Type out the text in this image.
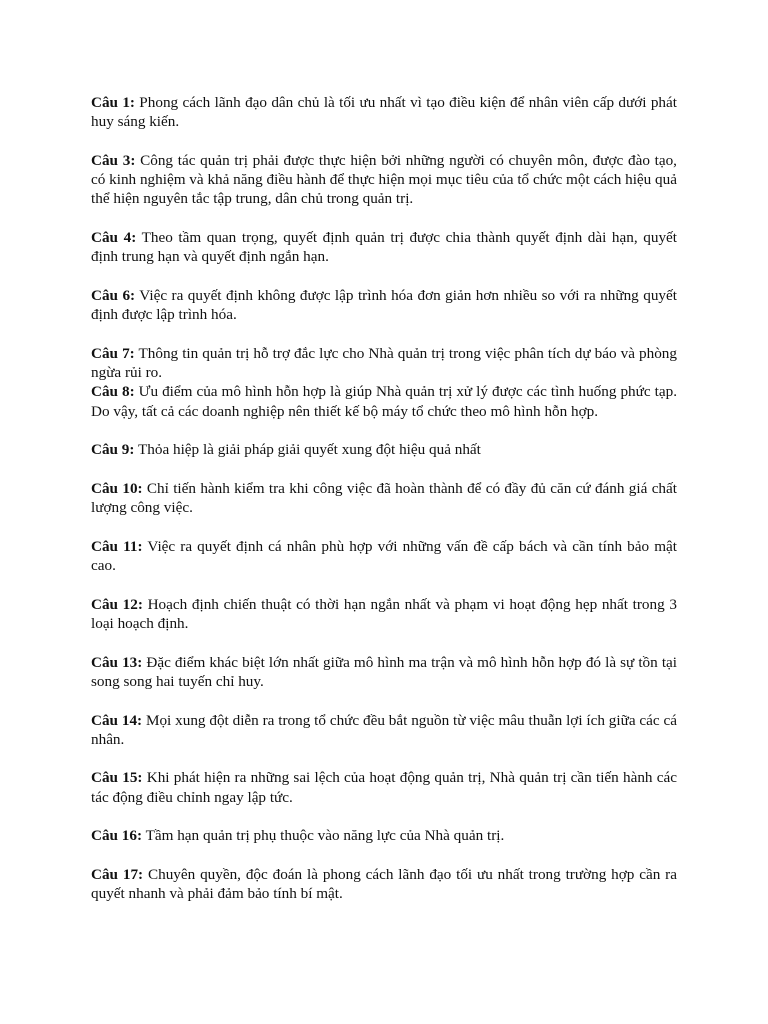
Câu 1: Phong cách lãnh đạo dân chủ là tối ưu nhất vì tạo điều kiện để nhân viên cấp dưới phát huy sáng kiến.

Câu 3: Công tác quản trị phải được thực hiện bởi những người có chuyên môn, được đào tạo, có kinh nghiệm và khả năng điều hành để thực hiện mọi mục tiêu của tổ chức một cách hiệu quả thể hiện nguyên tắc tập trung, dân chủ trong quản trị.

Câu 4: Theo tầm quan trọng, quyết định quản trị được chia thành quyết định dài hạn, quyết định trung hạn và quyết định ngắn hạn.

Câu 6: Việc ra quyết định không được lập trình hóa đơn giản hơn nhiều so với ra những quyết định được lập trình hóa.

Câu 7: Thông tin quản trị hỗ trợ đắc lực cho Nhà quản trị trong việc phân tích dự báo và phòng ngừa rủi ro.

Câu 8: Ưu điểm của mô hình hỗn hợp là giúp Nhà quản trị xử lý được các tình huống phức tạp. Do vậy, tất cả các doanh nghiệp nên thiết kế bộ máy tổ chức theo mô hình hỗn hợp.

Câu 9: Thỏa hiệp là giải pháp giải quyết xung đột hiệu quả nhất

Câu 10: Chỉ tiến hành kiểm tra khi công việc đã hoàn thành để có đầy đủ căn cứ đánh giá chất lượng công việc.

Câu 11: Việc ra quyết định cá nhân phù hợp với những vấn đề cấp bách và cần tính bảo mật cao.

Câu 12: Hoạch định chiến thuật có thời hạn ngắn nhất và phạm vi hoạt động hẹp nhất trong 3 loại hoạch định.

Câu 13: Đặc điểm khác biệt lớn nhất giữa mô hình ma trận và mô hình hỗn hợp đó là sự tồn tại song song hai tuyến chỉ huy.

Câu 14: Mọi xung đột diễn ra trong tổ chức đều bắt nguồn từ việc mâu thuẫn lợi ích giữa các cá nhân.

Câu 15: Khi phát hiện ra những sai lệch của hoạt động quản trị, Nhà quản trị cần tiến hành các tác động điều chỉnh ngay lập tức.

Câu 16: Tầm hạn quản trị phụ thuộc vào năng lực của Nhà quản trị.

Câu 17: Chuyên quyền, độc đoán là phong cách lãnh đạo tối ưu nhất trong trường hợp cần ra quyết nhanh và phải đảm bảo tính bí mật.
